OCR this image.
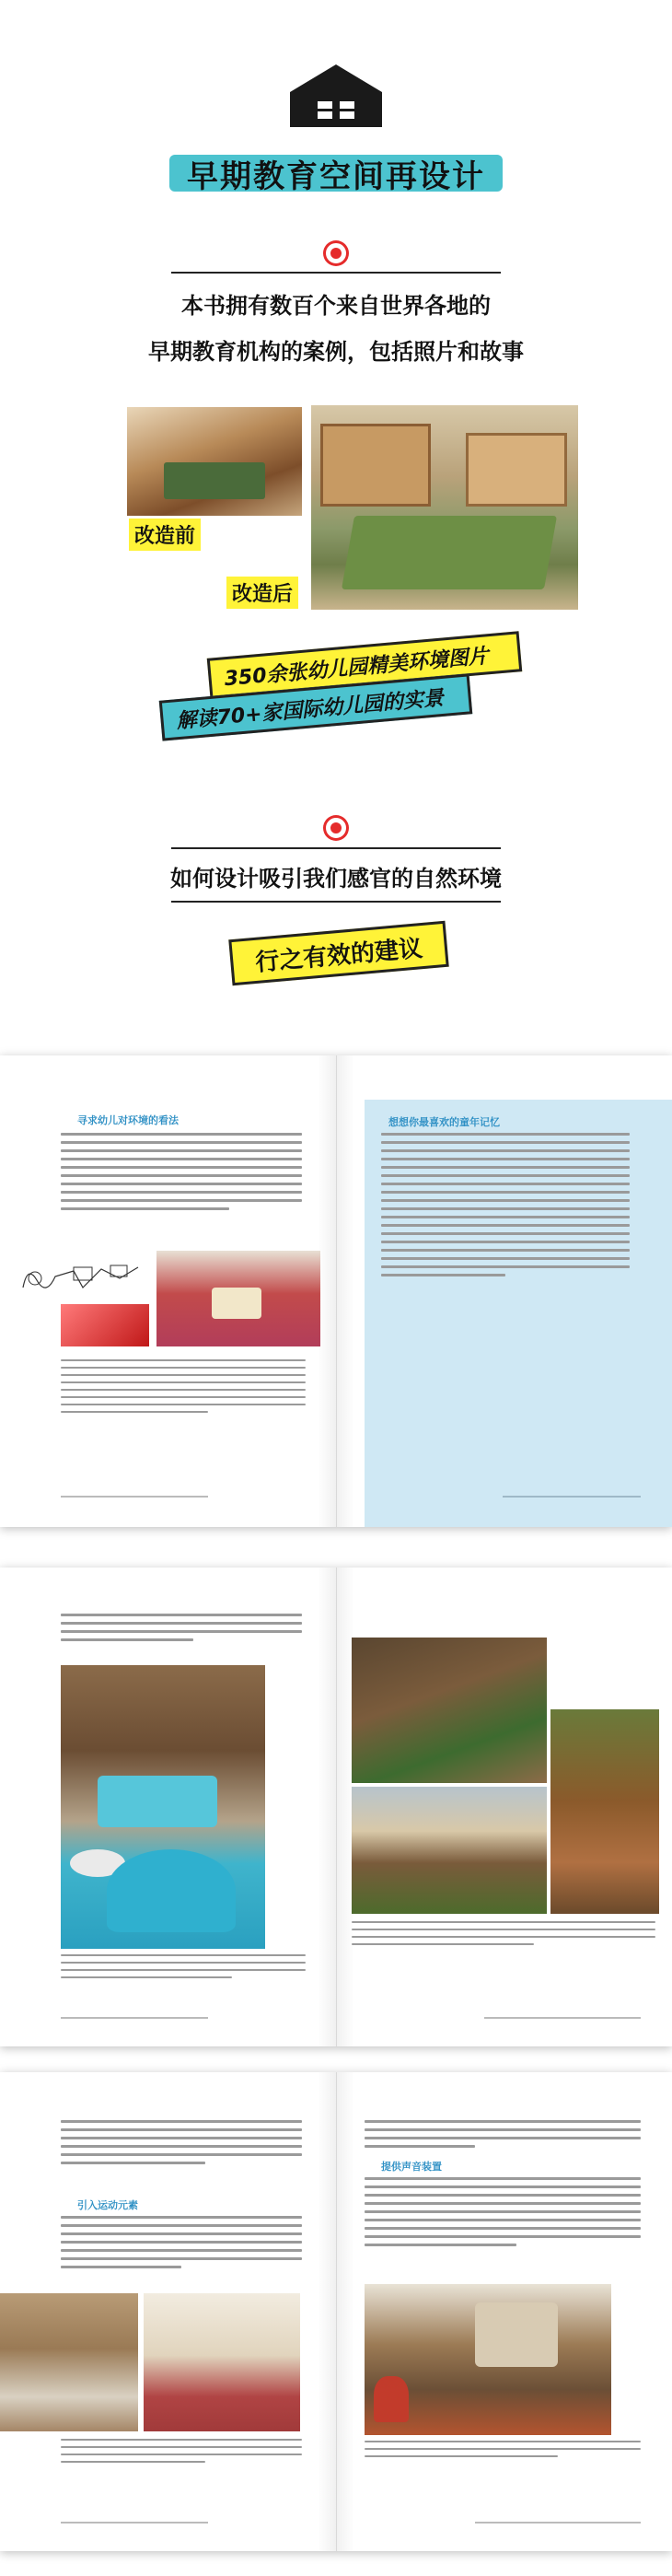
早期教育空间再设计
本书拥有数百个来自世界各地的
早期教育机构的案例，包括照片和故事
改造前
改造后
350余张幼儿园精美环境图片
解读70+家国际幼儿园的实景
如何设计吸引我们感官的自然环境
行之有效的建议
寻求幼儿对环境的看法	想想你最喜欢的童年记忆
引入运动元素
提供声音装置
